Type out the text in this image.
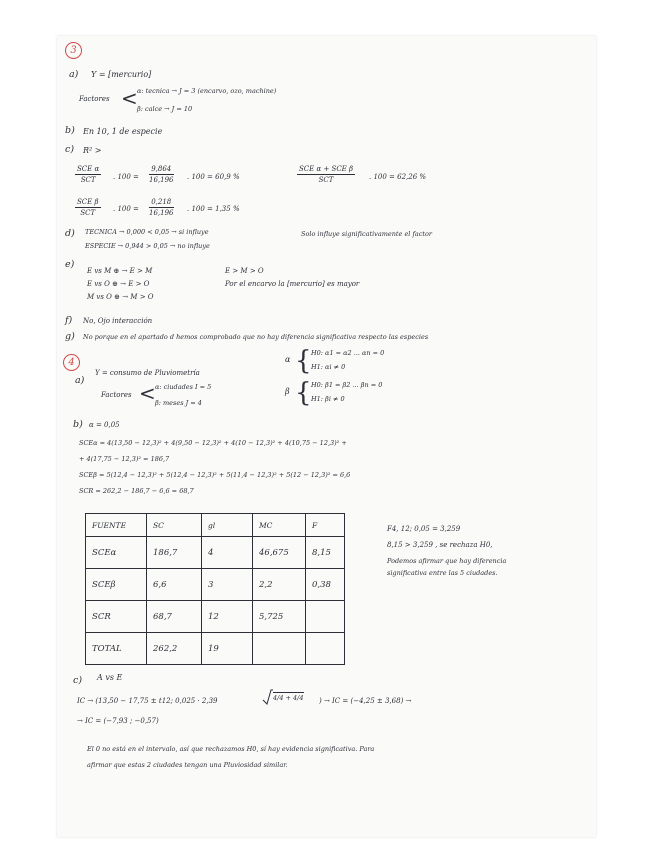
3
a) Y = [mercurio]
Factores < α: tecnica → J = 3 (encarvo, ozo, machine)
β: calce → J = 10
b) En 10, 1 de especie
c) R² >
SCE α
SCT	. $100 = \frac{9,864}{16,196}$ . 100 = 60,9 %
SCE α + SCE β
SCT	. 100 = 62,26 %
SCE β
SCT	. $100 = \frac{0,218}{16,196}$ . 100 = 1,35 %
d) TECNICA → 0,000 < 0,05 → si influye
ESPECIE → 0,944 > 0,05 → no influye
Solo influye significativamente el factor
e)
E vs M ⊕ → E > M
E vs O ⊕ → E > O
M vs O ⊕ → M > O
E > M > O
Por el encarvo la [mercurio] es mayor
f) No, Ojo interacción
g) No porque en el apartado d hemos comprobado que no hay diferencia significativa respecto las especies
4
a)
Y = consumo de Pluviometría
Factores < α: ciudades I = 5
β: meses J = 4
α { H0: α1 = α2 ... αn = 0
H1: αi ≠ 0
β { H0: β1 = β2 ... βn = 0
H1: βi ≠ 0
b) α = 0,05
SCEα = 4(13,50 − 12,3)² + 4(9,50 − 12,3)² + 4(10 − 12,3)² + 4(10,75 − 12,3)² +
+ 4(17,75 − 12,3)² = 186,7
SCEβ = 5(12,4 − 12,3)² + 5(12,4 − 12,3)² + 5(11,4 − 12,3)² + 5(12 − 12,3)² = 6,6
SCR = 262,2 − 186,7 − 6,6 = 68,7
FUENTE	SC	gl	MC	F
SCEα	186,7	4	46,675	8,15
SCEβ	6,6	3	2,2	0,38
SCR	68,7	12	5,725	
TOTAL	262,2	19		
F4, 12; 0,05 = 3,259
8,15 > 3,259 , se rechaza H0,
Podemos afirmar que hay diferencia
significativa entre las 5 ciudades.
c) A vs E
IC → (13,50 − 17,75 ± t12; 0,025 · 2,39	4/4 + 4/4 ) → IC = (−4,25 ± 3,68) →
→ IC = (−7,93 ; −0,57)
El 0 no está en el intervalo, así que rechazamos H0, sí hay evidencia significativa. Para
afirmar que estas 2 ciudades tengan una Pluviosidad similar.
